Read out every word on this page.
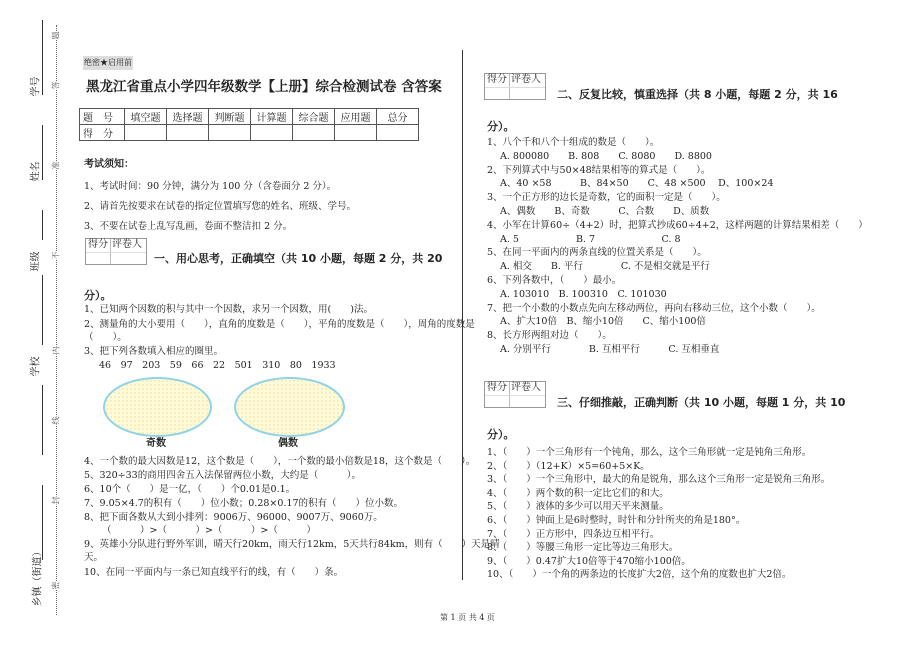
题
答
准
不
内
线
封
密
学号
姓名
班级
学校
乡镇（街道）
绝密★启用前
黑龙江省重点小学四年级数学【上册】综合检测试卷 含答案
题　号	填空题	选择题	判断题	计算题	综合题	应用题	总分
得　分							
考试须知：
1、考试时间：90 分钟，满分为 100 分（含卷面分 2 分）。
2、请首先按要求在试卷的指定位置填写您的姓名、班级、学号。
3、不要在试卷上乱写乱画，卷面不整洁扣 2 分。
得分 评卷人
得分 评卷人
得分 评卷人
一、用心思考，正确填空（共 10 小题，每题 2 分，共 20
分）。
1、已知两个因数的积与其中一个因数，求另一个因数，用(　　)法。
2、测量角的大小要用（　　），直角的度数是（　　），平角的度数是（　　），周角的度数是
（　　）。
3、把下列各数填入相应的圈里。
46　97　203　59　66　22　501　310　80　1933
4、一个数的最大因数是12，这个数是（　　），一个数的最小倍数是18，这个数是（　　）。
5、320÷33的商用四舍五入法保留两位小数，大约是（　　　）。
6、10个（　　）是一亿，（　　）个0.01是0.1。
7、9.05×4.7的积有（　　）位小数；0.28×0.17的积有（　　）位小数。
8、把下面各数从大到小排列：9006万、96000、9007万、9060万。
（　　　）>（　　　）>（　　　）>（　　　）
9、英雄小分队进行野外军训，晴天行20km，雨天行12km，5天共行84km，则有（　　）天是晴
天。
10、在同一平面内与一条已知直线平行的线，有（　　）条。
奇数	偶数
二、反复比较，慎重选择（共 8 小题，每题 2 分，共 16
分）。
1、八个千和八个十组成的数是（　　）。
A. 800080　　B. 808　　C. 8080　　D. 8800
2、下列算式中与50×48结果相等的算式是（　　）。
A、40 ×58　　　B、84×50　　C、48 ×500　 D、100×24
3、一个正方形的边长是奇数，它的面积一定是（　　）。
A、偶数　　B、奇数　　　C、合数　　D、质数
4、小军在计算60÷（4+2）时，把算式抄成60÷4+2，这样两题的计算结果相差（　　）
A. 5　　　　　　B. 7　　　　　　　C. 8
5、在同一平面内的两条直线的位置关系是（　　）。
A. 相交　　B. 平行　　　　C. 不是相交就是平行
6、下列各数中，（　　）最小。
A. 103010　B. 100310　C. 101030
7、把一个小数的小数点先向左移动两位，再向右移动三位，这个小数（　　）。
A、扩大10倍　B、缩小10倍　　C、缩小100倍
8、长方形两组对边（　　）。
A. 分别平行　　　　B. 互相平行　　　C. 互相垂直
三、仔细推敲，正确判断（共 10 小题，每题 1 分，共 10
分）。
1、（　　）一个三角形有一个钝角，那么，这个三角形就一定是钝角三角形。
2、（　　）（12+K）×5=60+5×K。
3、（　　）一个三角形中，最大的角是锐角，那么这个三角形一定是锐角三角形。
4、（　　）两个数的积一定比它们的和大。
5、（　　）液体的多少可以用天平来测量。
6、（　　）钟面上是6时整时，时针和分针所夹的角是180°。
7、（　　）正方形中，四条边互相平行。
8、（　　）等腰三角形一定比等边三角形大。
9、（　　）0.47扩大10倍等于470缩小100倍。
10、（　　）一个角的两条边的长度扩大2倍，这个角的度数也扩大2倍。
第 1 页 共 4 页
